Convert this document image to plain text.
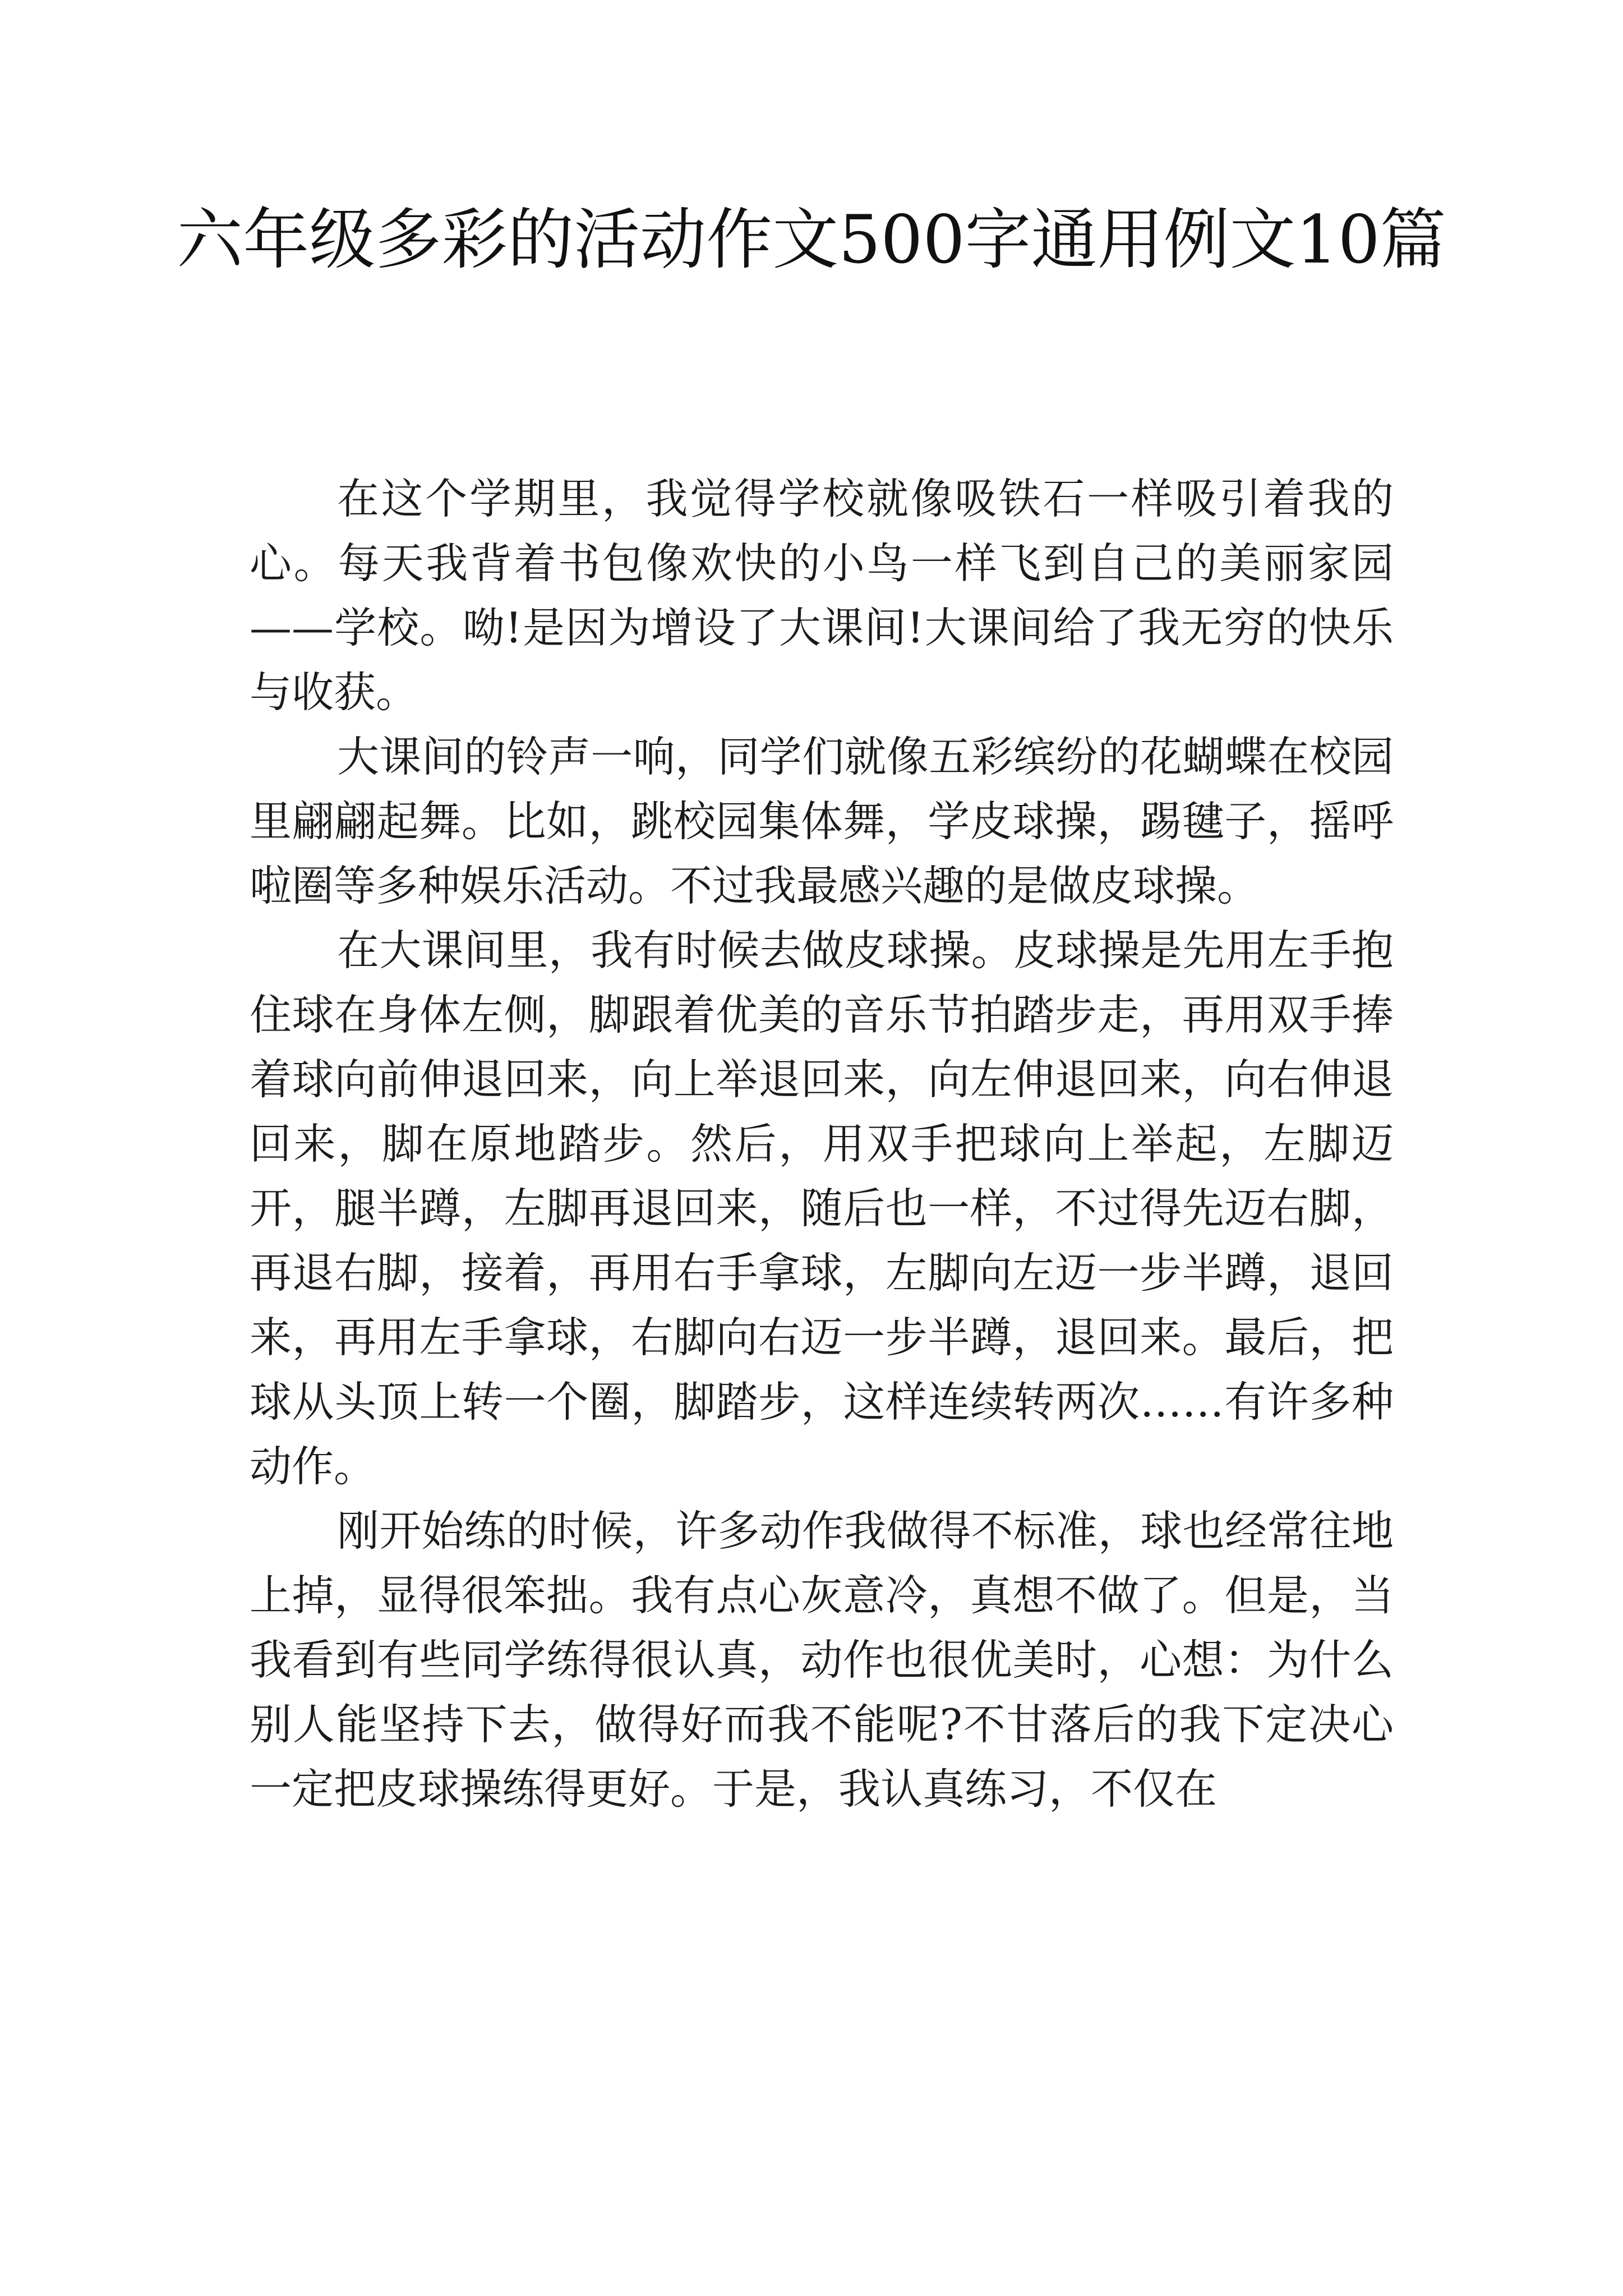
六年级多彩的活动作文500字通用例文10篇

在这个学期里，我觉得学校就像吸铁石一样吸引着我的心。每天我背着书包像欢快的小鸟一样飞到自己的美丽家园——学校。呦!是因为增设了大课间!大课间给了我无穷的快乐与收获。

大课间的铃声一响，同学们就像五彩缤纷的花蝴蝶在校园里翩翩起舞。比如，跳校园集体舞，学皮球操，踢毽子，摇呼啦圈等多种娱乐活动。不过我最感兴趣的是做皮球操。

在大课间里，我有时候去做皮球操。皮球操是先用左手抱住球在身体左侧，脚跟着优美的音乐节拍踏步走，再用双手捧着球向前伸退回来，向上举退回来，向左伸退回来，向右伸退回来，脚在原地踏步。然后，用双手把球向上举起，左脚迈开，腿半蹲，左脚再退回来，随后也一样，不过得先迈右脚，再退右脚，接着，再用右手拿球，左脚向左迈一步半蹲，退回来，再用左手拿球，右脚向右迈一步半蹲，退回来。最后，把球从头顶上转一个圈，脚踏步，这样连续转两次……有许多种动作。

刚开始练的时候，许多动作我做得不标准，球也经常往地上掉，显得很笨拙。我有点心灰意冷，真想不做了。但是，当我看到有些同学练得很认真，动作也很优美时，心想：为什么别人能坚持下去，做得好而我不能呢?不甘落后的我下定决心一定把皮球操练得更好。于是，我认真练习，不仅在
